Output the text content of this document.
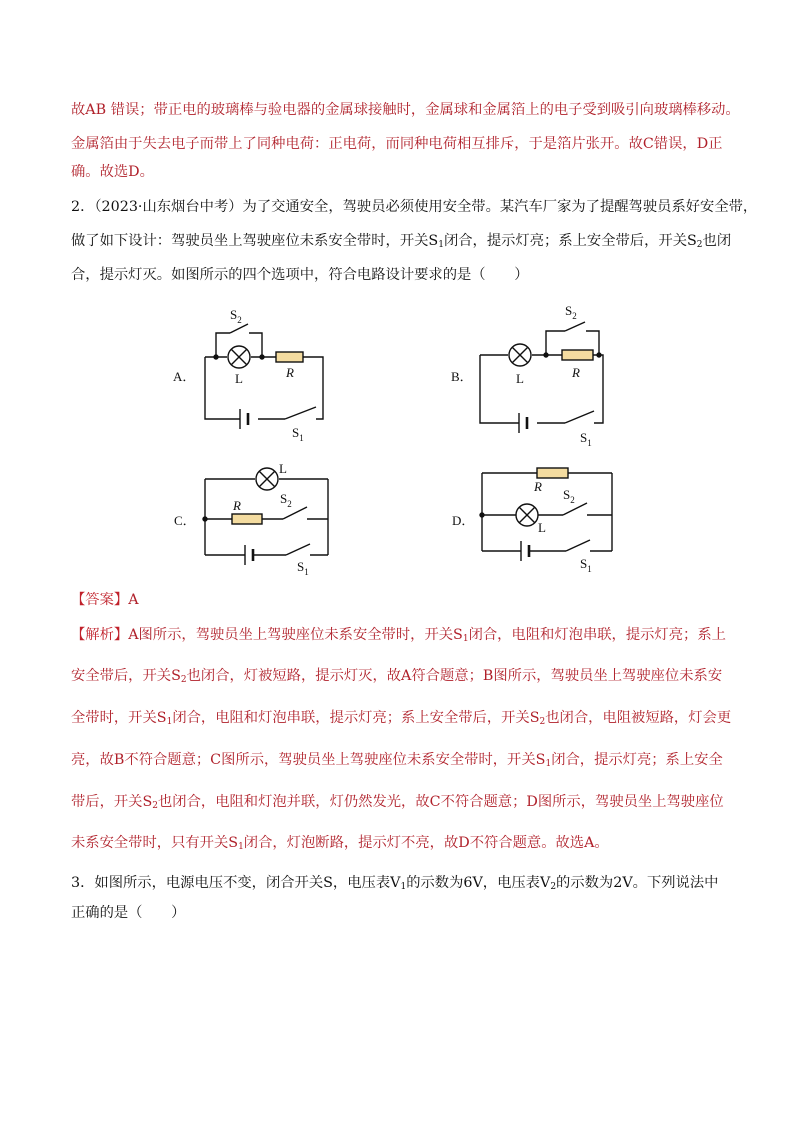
故AB 错误；带正电的玻璃棒与验电器的金属球接触时，金属球和金属箔上的电子受到吸引向玻璃棒移动。
金属箔由于失去电子而带上了同种电荷：正电荷，而同种电荷相互排斥，于是箔片张开。故C错误，D正
确。故选D。
2．（2023·山东烟台中考）为了交通安全，驾驶员必须使用安全带。某汽车厂家为了提醒驾驶员系好安全带，
做了如下设计：驾驶员坐上驾驶座位未系安全带时，开关$S_1$闭合，提示灯亮；系上安全带后，开关$S_2$也闭
合，提示灯灭。如图所示的四个选项中，符合电路设计要求的是（　　）
A．
$S_2$
L	R
$S_1$
B．
$S_2$
L	R
$S_1$
C．
L
R	$S_2$
$S_1$
D．
R
L
$S_2$
$S_1$
【答案】A
【解析】A图所示，驾驶员坐上驾驶座位未系安全带时，开关$S_1$闭合，电阻和灯泡串联，提示灯亮；系上
安全带后，开关$S_2$也闭合，灯被短路，提示灯灭，故A符合题意；B图所示，驾驶员坐上驾驶座位未系安
全带时，开关$S_1$闭合，电阻和灯泡串联，提示灯亮；系上安全带后，开关$S_2$也闭合，电阻被短路，灯会更
亮，故B不符合题意；C图所示，驾驶员坐上驾驶座位未系安全带时，开关$S_1$闭合，提示灯亮；系上安全
带后，开关$S_2$也闭合，电阻和灯泡并联，灯仍然发光，故C不符合题意；D图所示，驾驶员坐上驾驶座位
未系安全带时，只有开关$S_1$闭合，灯泡断路，提示灯不亮，故D不符合题意。故选A。
3．如图所示，电源电压不变，闭合开关S，电压表$V_1$的示数为6V，电压表$V_2$的示数为2V。下列说法中
正确的是（　　）
